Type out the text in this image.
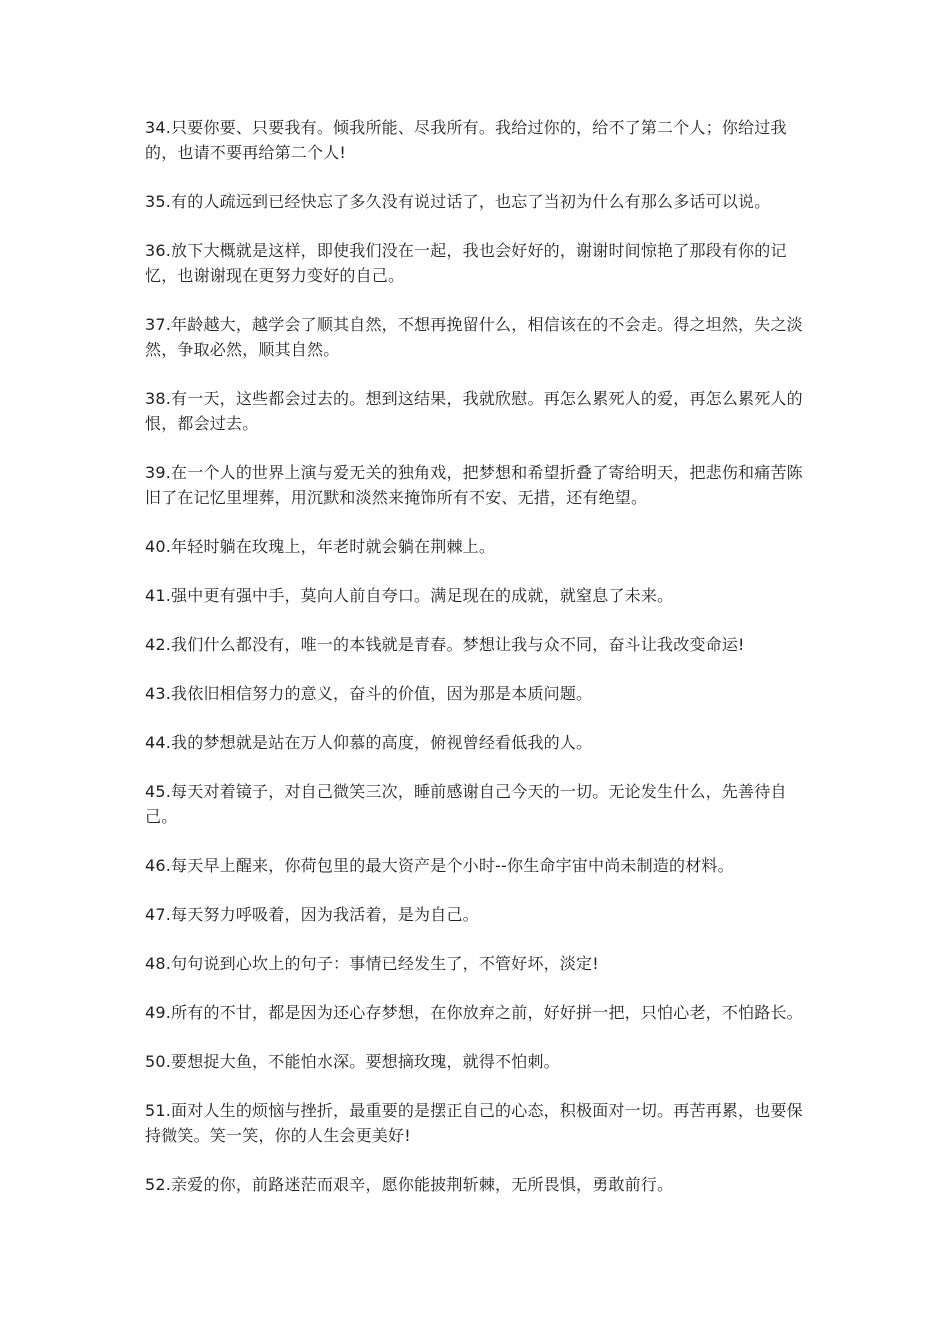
34.只要你要、只要我有。倾我所能、尽我所有。我给过你的，给不了第二个人；你给过我的，也请不要再给第二个人!

35.有的人疏远到已经快忘了多久没有说过话了，也忘了当初为什么有那么多话可以说。

36.放下大概就是这样，即使我们没在一起，我也会好好的，谢谢时间惊艳了那段有你的记忆，也谢谢现在更努力变好的自己。

37.年龄越大，越学会了顺其自然，不想再挽留什么，相信该在的不会走。得之坦然，失之淡然，争取必然，顺其自然。

38.有一天，这些都会过去的。想到这结果，我就欣慰。再怎么累死人的爱，再怎么累死人的恨，都会过去。

39.在一个人的世界上演与爱无关的独角戏，把梦想和希望折叠了寄给明天，把悲伤和痛苦陈旧了在记忆里埋葬，用沉默和淡然来掩饰所有不安、无措，还有绝望。

40.年轻时躺在玫瑰上，年老时就会躺在荆棘上。

41.强中更有强中手，莫向人前自夸口。满足现在的成就，就窒息了未来。

42.我们什么都没有，唯一的本钱就是青春。梦想让我与众不同，奋斗让我改变命运!

43.我依旧相信努力的意义，奋斗的价值，因为那是本质问题。

44.我的梦想就是站在万人仰慕的高度，俯视曾经看低我的人。

45.每天对着镜子，对自己微笑三次，睡前感谢自己今天的一切。无论发生什么，先善待自己。

46.每天早上醒来，你荷包里的最大资产是个小时--你生命宇宙中尚未制造的材料。

47.每天努力呼吸着，因为我活着，是为自己。

48.句句说到心坎上的句子：事情已经发生了，不管好坏，淡定!

49.所有的不甘，都是因为还心存梦想，在你放弃之前，好好拼一把，只怕心老，不怕路长。

50.要想捉大鱼，不能怕水深。要想摘玫瑰，就得不怕刺。

51.面对人生的烦恼与挫折，最重要的是摆正自己的心态，积极面对一切。再苦再累，也要保持微笑。笑一笑，你的人生会更美好!

52.亲爱的你，前路迷茫而艰辛，愿你能披荆斩棘，无所畏惧，勇敢前行。
